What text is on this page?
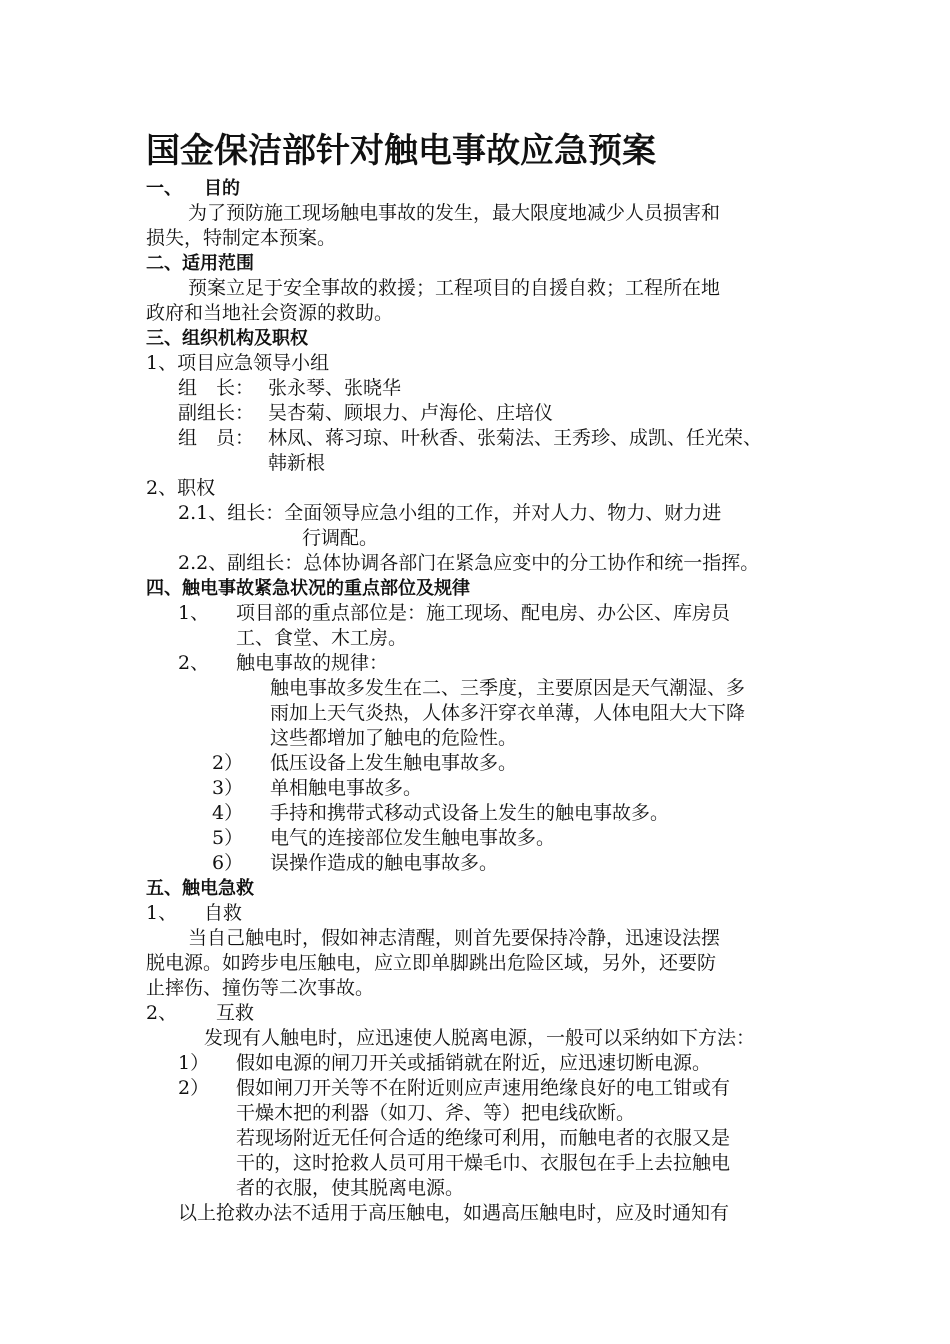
国金保洁部针对触电事故应急预案
一、 目的
为了预防施工现场触电事故的发生，最大限度地减少人员损害和
损失，特制定本预案。
二、适用范围
预案立足于安全事故的救援；工程项目的自援自救；工程所在地
政府和当地社会资源的救助。
三、组织机构及职权
1、项目应急领导小组
组　长： 张永琴、张晓华
副组长： 吴杏菊、顾垠力、卢海伦、庄培仪
组　员： 林凤、蒋习琼、叶秋香、张菊法、王秀珍、成凯、任光荣、
韩新根
2、职权
2.1、组长：全面领导应急小组的工作，并对人力、物力、财力进
行调配。
2.2、副组长：总体协调各部门在紧急应变中的分工协作和统一指挥。
四、触电事故紧急状况的重点部位及规律
1、 项目部的重点部位是：施工现场、配电房、办公区、库房员
工、食堂、木工房。
2、 触电事故的规律：
触电事故多发生在二、三季度，主要原因是天气潮湿、多
雨加上天气炎热，人体多汗穿衣单薄，人体电阻大大下降
这些都增加了触电的危险性。
2） 低压设备上发生触电事故多。
3） 单相触电事故多。
4） 手持和携带式移动式设备上发生的触电事故多。
5） 电气的连接部位发生触电事故多。
6） 误操作造成的触电事故多。
五、触电急救
1、 自救
当自己触电时，假如神志清醒，则首先要保持冷静，迅速设法摆
脱电源。如跨步电压触电，应立即单脚跳出危险区域，另外，还要防
止摔伤、撞伤等二次事故。
2、 互救
发现有人触电时，应迅速使人脱离电源，一般可以采纳如下方法：
1） 假如电源的闸刀开关或插销就在附近，应迅速切断电源。
2） 假如闸刀开关等不在附近则应声速用绝缘良好的电工钳或有
干燥木把的利器（如刀、斧、等）把电线砍断。
若现场附近无任何合适的绝缘可利用，而触电者的衣服又是
干的，这时抢救人员可用干燥毛巾、衣服包在手上去拉触电
者的衣服，使其脱离电源。
以上抢救办法不适用于高压触电，如遇高压触电时，应及时通知有
